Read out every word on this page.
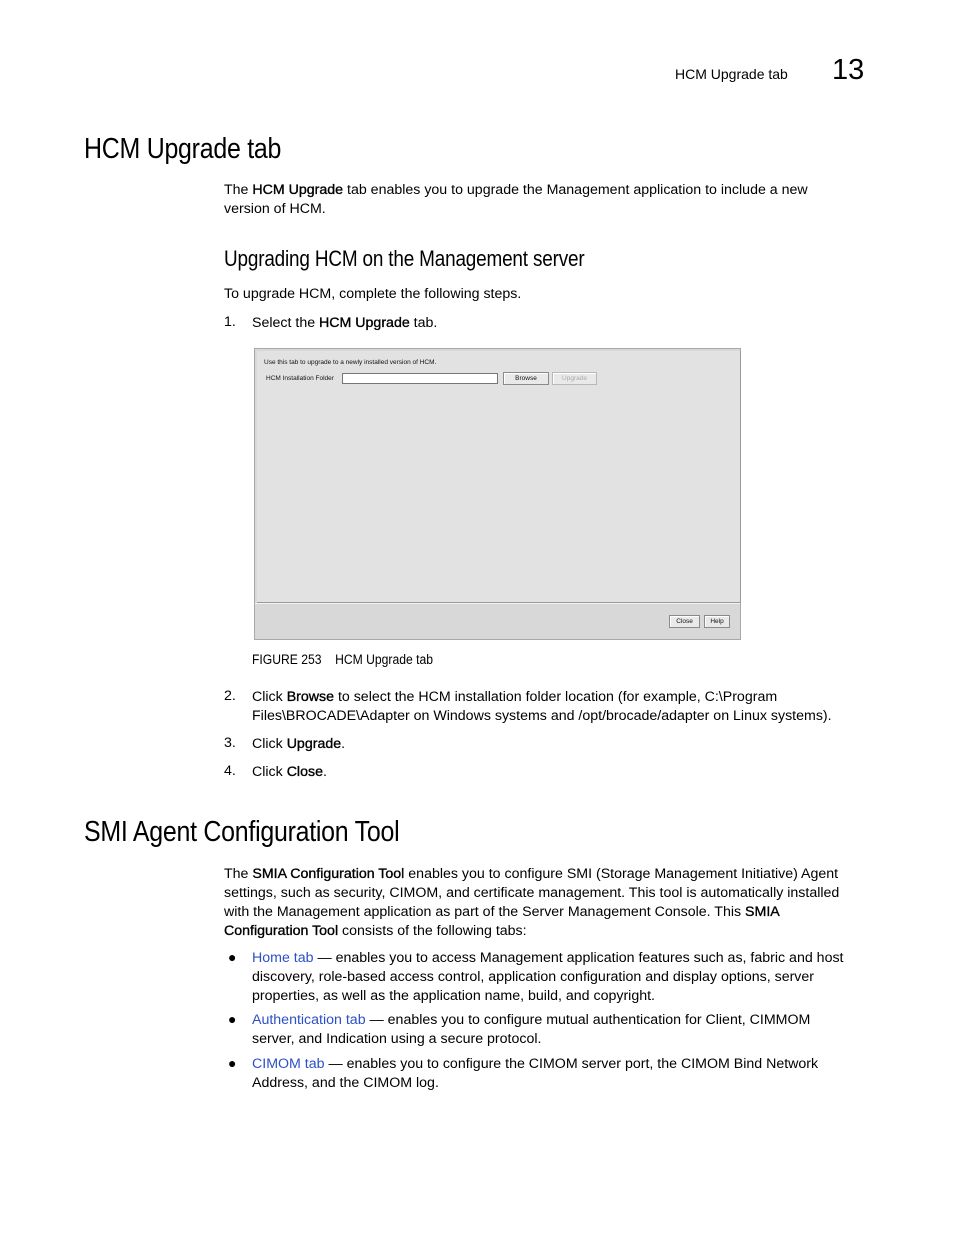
HCM Upgrade tab 13
HCM Upgrade tab
The HCM Upgrade tab enables you to upgrade the Management application to include a new
version of HCM.
Upgrading HCM on the Management server
To upgrade HCM, complete the following steps.
1. Select the HCM Upgrade tab.
Use this tab to upgrade to a newly installed version of HCM.
HCM Installation Folder	Browse	Upgrade
Close	Help
FIGURE 253 HCM Upgrade tab
2. Click Browse to select the HCM installation folder location (for example, C:\Program
Files\BROCADE\Adapter on Windows systems and /opt/brocade/adapter on Linux systems).
3. Click Upgrade.
4. Click Close.
SMI Agent Configuration Tool
The SMIA Configuration Tool enables you to configure SMI (Storage Management Initiative) Agent
settings, such as security, CIMOM, and certificate management. This tool is automatically installed
with the Management application as part of the Server Management Console. This SMIA
Configuration Tool consists of the following tabs:
● Home tab — enables you to access Management application features such as, fabric and host
discovery, role-based access control, application configuration and display options, server
properties, as well as the application name, build, and copyright.
● Authentication tab — enables you to configure mutual authentication for Client, CIMMOM
server, and Indication using a secure protocol.
● CIMOM tab — enables you to configure the CIMOM server port, the CIMOM Bind Network
Address, and the CIMOM log.
